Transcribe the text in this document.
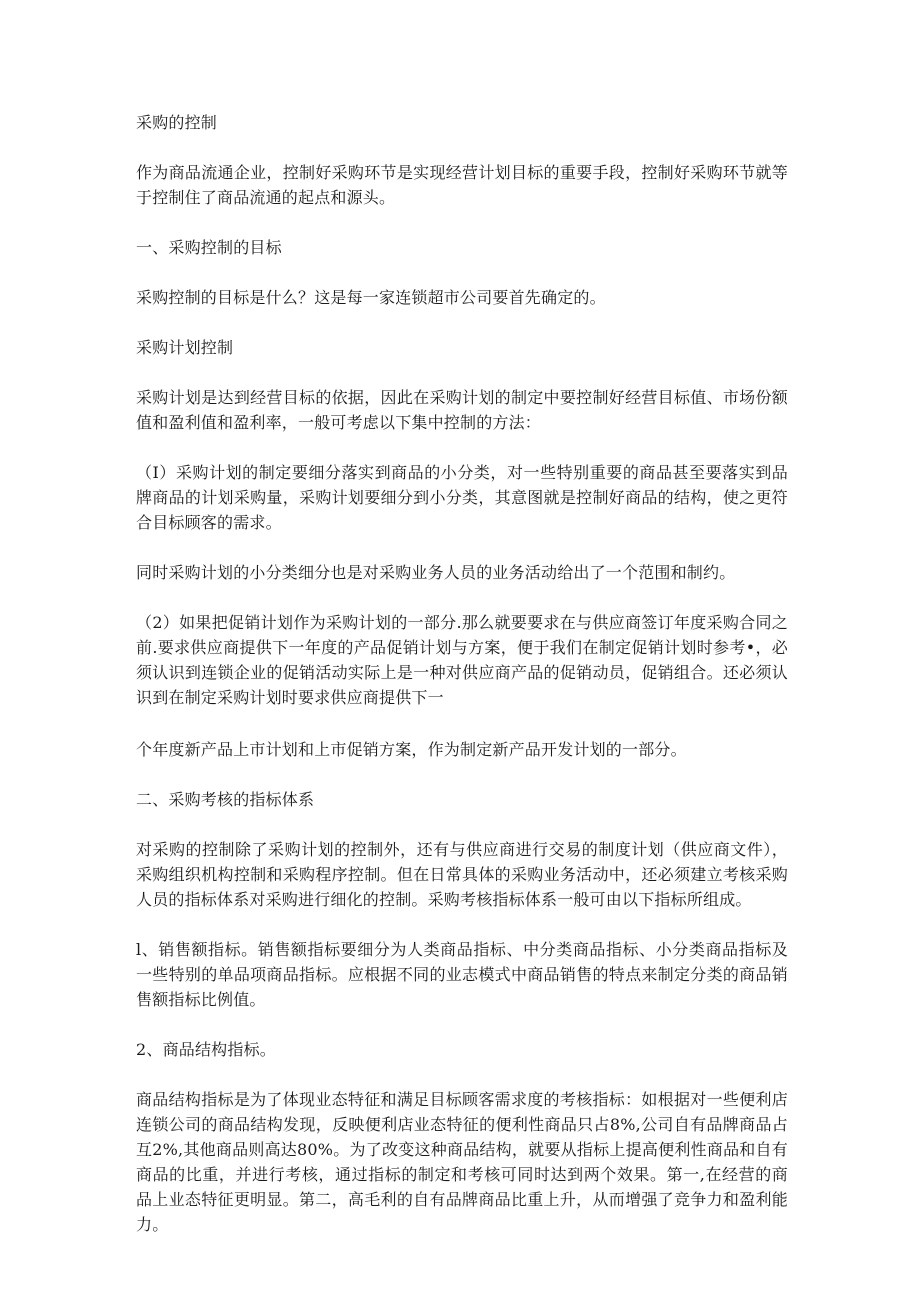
采购的控制

作为商品流通企业，控制好采购环节是实现经营计划目标的重要手段，控制好采购环节就等于控制住了商品流通的起点和源头。

一、采购控制的目标

采购控制的目标是什么？这是每一家连锁超市公司要首先确定的。

采购计划控制

采购计划是达到经营目标的依据，因此在采购计划的制定中要控制好经营目标值、市场份额值和盈利值和盈利率，一般可考虑以下集中控制的方法：

（I）采购计划的制定要细分落实到商品的小分类，对一些特别重要的商品甚至要落实到品牌商品的计划采购量，采购计划要细分到小分类，其意图就是控制好商品的结构，使之更符合目标顾客的需求。

同时采购计划的小分类细分也是对采购业务人员的业务活动给出了一个范围和制约。

（2）如果把促销计划作为采购计划的一部分.那么就要要求在与供应商签订年度采购合同之前.要求供应商提供下一年度的产品促销计划与方案，便于我们在制定促销计划时参考•，必须认识到连锁企业的促销活动实际上是一种对供应商产品的促销动员，促销组合。还必须认识到在制定采购计划时要求供应商提供下一

个年度新产品上市计划和上市促销方案，作为制定新产品开发计划的一部分。

二、采购考核的指标体系

对采购的控制除了采购计划的控制外，还有与供应商进行交易的制度计划（供应商文件），采购组织机构控制和采购程序控制。但在日常具体的采购业务活动中，还必须建立考核采购人员的指标体系对采购进行细化的控制。采购考核指标体系一般可由以下指标所组成。

l、销售额指标。销售额指标要细分为人类商品指标、中分类商品指标、小分类商品指标及一些特别的单品项商品指标。应根据不同的业志模式中商品销售的特点来制定分类的商品销售额指标比例值。

2、商品结构指标。

商品结构指标是为了体现业态特征和满足目标顾客需求度的考核指标：如根据对一些便利店连锁公司的商品结构发现，反映便利店业态特征的便利性商品只占8%,公司自有品牌商品占互2%,其他商品则高达80%。为了改变这种商品结构，就要从指标上提高便利性商品和自有商品的比重，并进行考核，通过指标的制定和考核可同时达到两个效果。第一,在经营的商品上业态特征更明显。第二，高毛利的自有品牌商品比重上升，从而增强了竞争力和盈利能力。
